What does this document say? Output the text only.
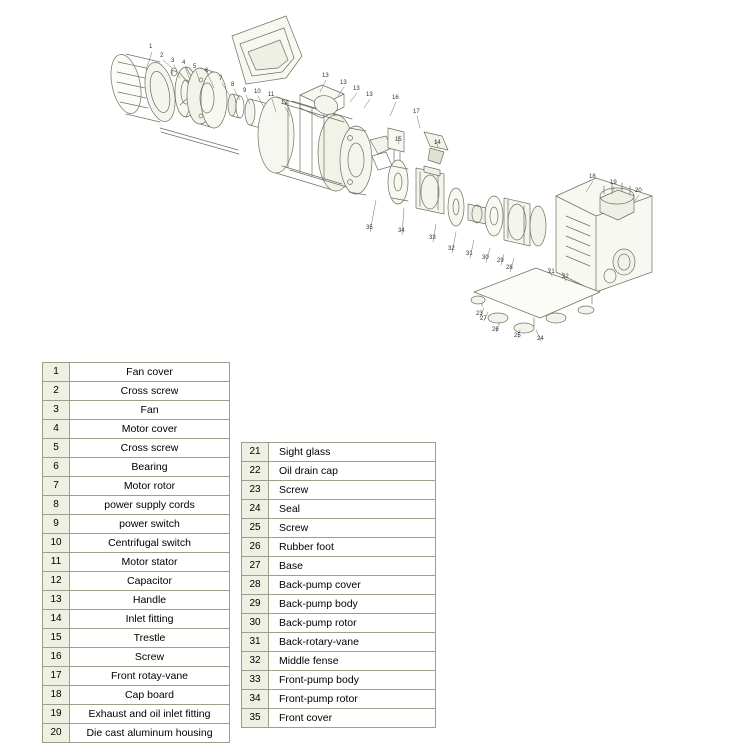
1
2
3 4
5
6
7
8
9 10 11
12
13
13
13
13	16
17
14
15
18
19
20
21
22
23
24
25
26
27
28
29
30
31
32
33
34
35
1	Fan cover
2	Cross screw
3	Fan
4	Motor cover
5	Cross screw
6	Bearing
7	Motor rotor
8	power supply cords
9	power switch
10	Centrifugal switch
11	Motor stator
12	Capacitor
13	Handle
14	Inlet fitting
15	Trestle
16	Screw
17	Front rotay-vane
18	Cap board
19	Exhaust and oil inlet fitting
20	Die cast aluminum housing
21	Sight glass
22	Oil drain cap
23	Screw
24	Seal
25	Screw
26	Rubber foot
27	Base
28	Back-pump cover
29	Back-pump body
30	Back-pump rotor
31	Back-rotary-vane
32	Middle fense
33	Front-pump body
34	Front-pump rotor
35	Front cover
